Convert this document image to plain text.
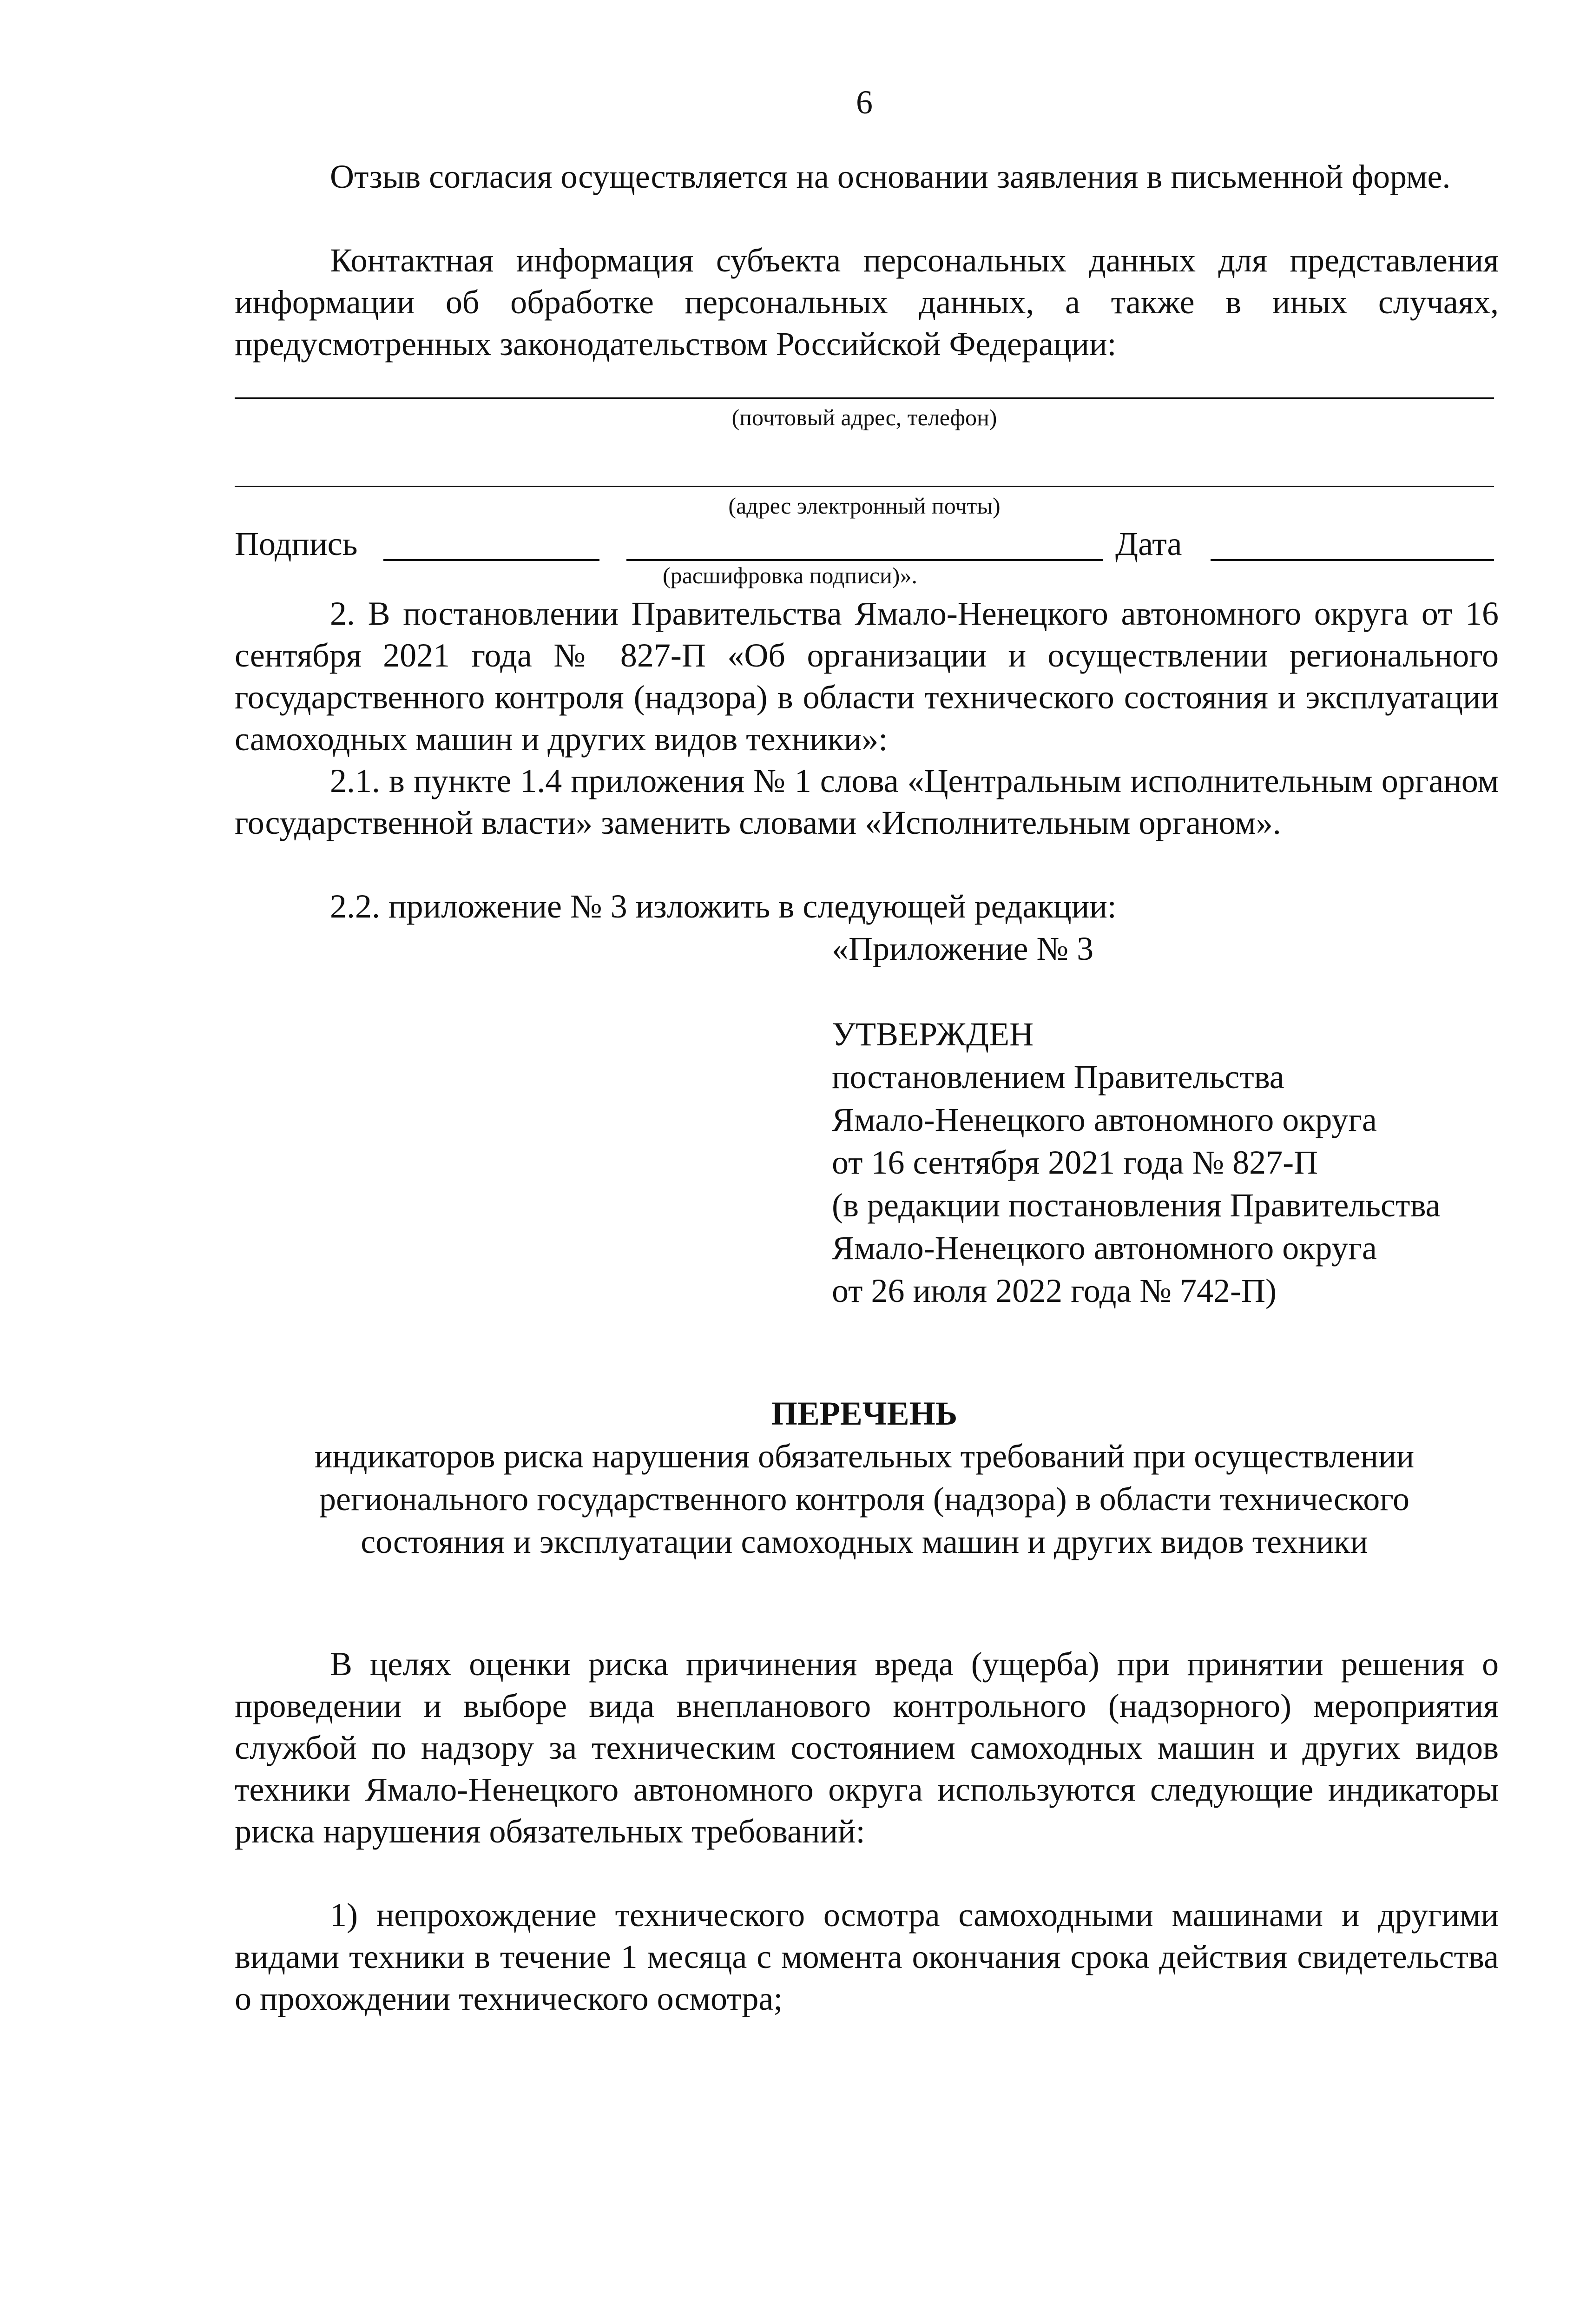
6
Отзыв согласия осуществляется на основании заявления в письменной форме.
Контактная информация субъекта персональных данных для представления информации об обработке персональных данных, а также в иных случаях, предусмотренных законодательством Российской Федерации:
(почтовый адрес, телефон)
(адрес электронный почты)
Подпись	Дата
(расшифровка подписи)».
2. В постановлении Правительства Ямало-Ненецкого автономного округа от 16 сентября 2021 года № 827-П «Об организации и осуществлении регионального государственного контроля (надзора) в области технического состояния и эксплуатации самоходных машин и других видов техники»:
2.1. в пункте 1.4 приложения № 1 слова «Центральным исполнительным органом государственной власти» заменить словами «Исполнительным органом».
2.2. приложение № 3 изложить в следующей редакции:
«Приложение № 3
УТВЕРЖДЕН
постановлением Правительства
Ямало-Ненецкого автономного округа
от 16 сентября 2021 года № 827-П
(в редакции постановления Правительства
Ямало-Ненецкого автономного округа
от 26 июля 2022 года № 742-П)
ПЕРЕЧЕНЬ
индикаторов риска нарушения обязательных требований при осуществлении
регионального государственного контроля (надзора) в области технического
состояния и эксплуатации самоходных машин и других видов техники
В целях оценки риска причинения вреда (ущерба) при принятии решения о проведении и выборе вида внепланового контрольного (надзорного) мероприятия службой по надзору за техническим состоянием самоходных машин и других видов техники Ямало-Ненецкого автономного округа используются следующие индикаторы риска нарушения обязательных требований:
1) непрохождение технического осмотра самоходными машинами и другими видами техники в течение 1 месяца с момента окончания срока действия свидетельства о прохождении технического осмотра;
